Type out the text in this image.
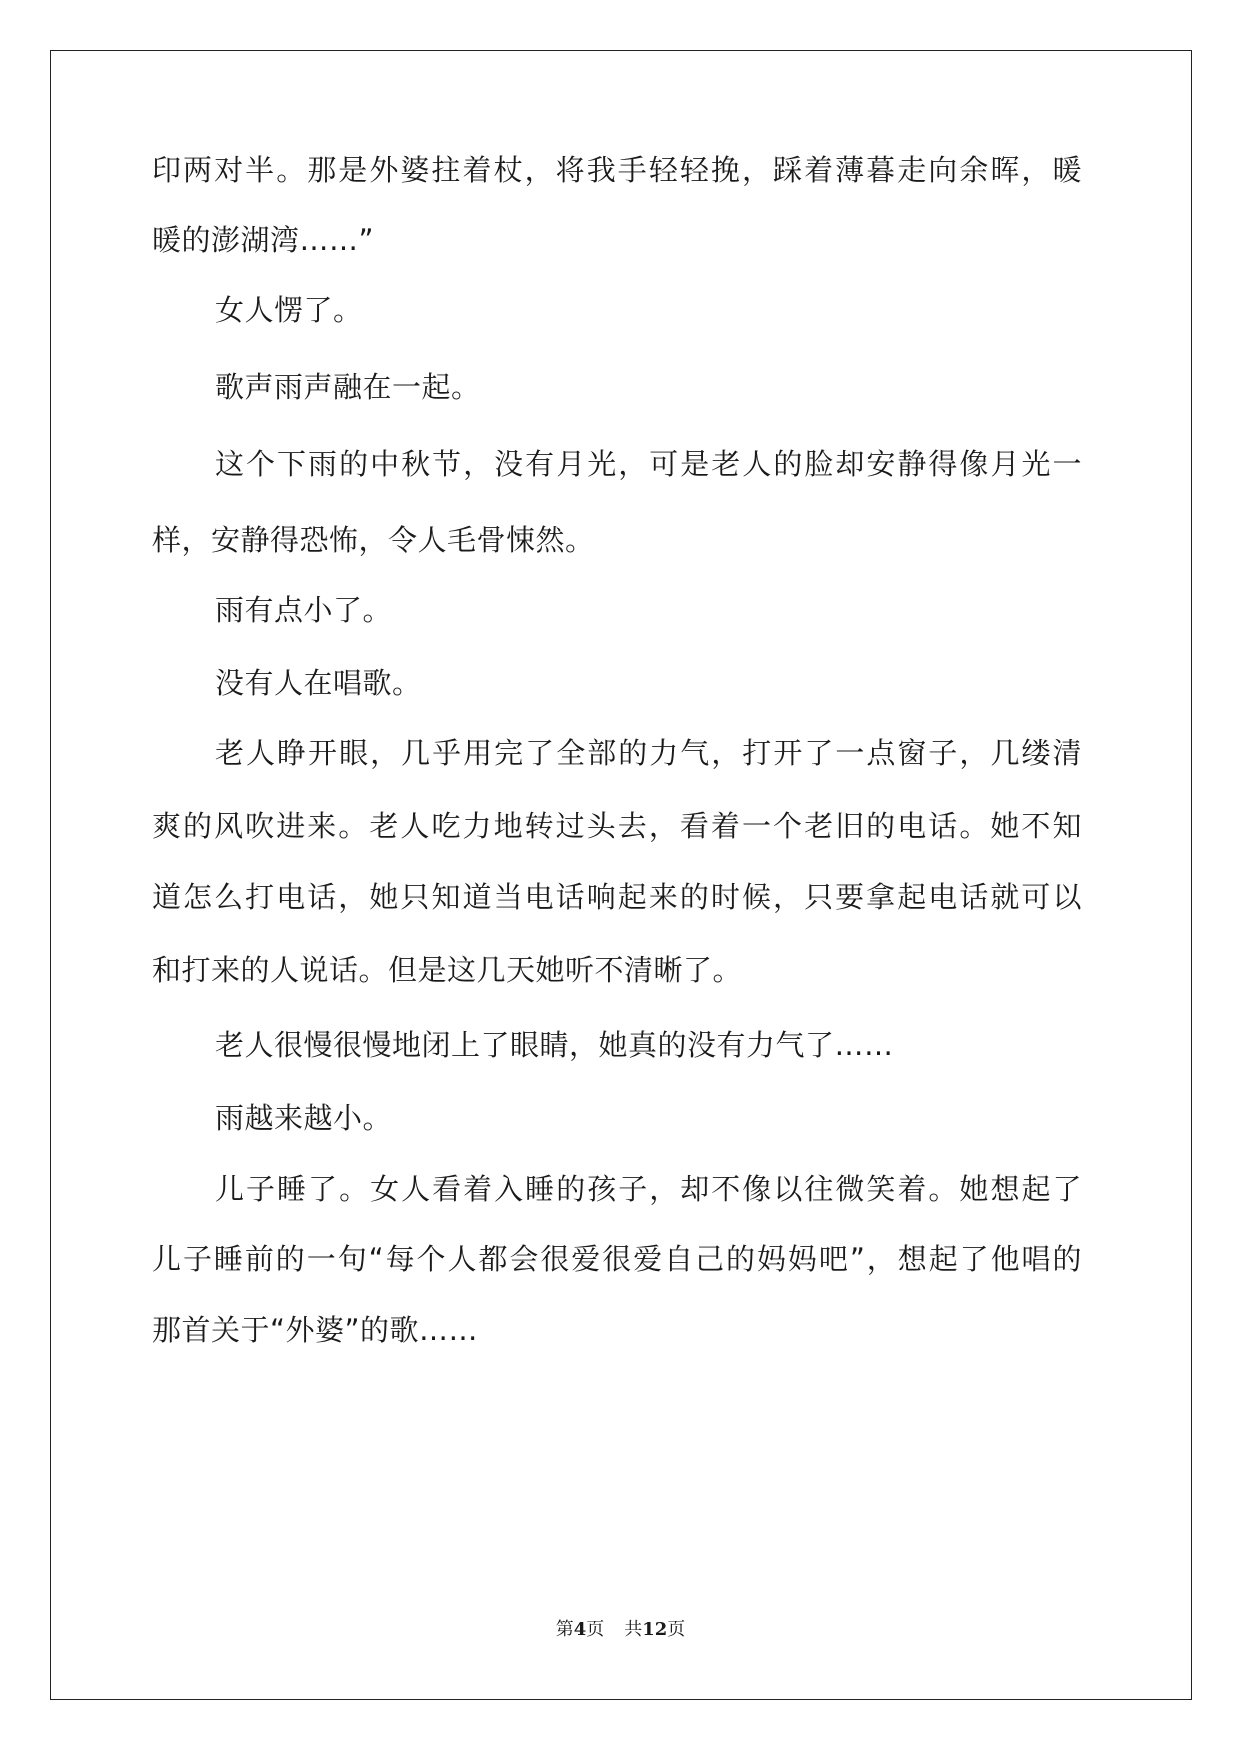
印两对半。那是外婆拄着杖，将我手轻轻挽，踩着薄暮走向余晖，暖
暖的澎湖湾……”
女人愣了。
歌声雨声融在一起。
这个下雨的中秋节，没有月光，可是老人的脸却安静得像月光一
样，安静得恐怖，令人毛骨悚然。
雨有点小了。
没有人在唱歌。
老人睁开眼，几乎用完了全部的力气，打开了一点窗子，几缕清
爽的风吹进来。老人吃力地转过头去，看着一个老旧的电话。她不知
道怎么打电话，她只知道当电话响起来的时候，只要拿起电话就可以
和打来的人说话。但是这几天她听不清晰了。
老人很慢很慢地闭上了眼睛，她真的没有力气了……
雨越来越小。
儿子睡了。女人看着入睡的孩子，却不像以往微笑着。她想起了
儿子睡前的一句“每个人都会很爱很爱自己的妈妈吧”，想起了他唱的
那首关于“外婆”的歌……
第4页 共12页
